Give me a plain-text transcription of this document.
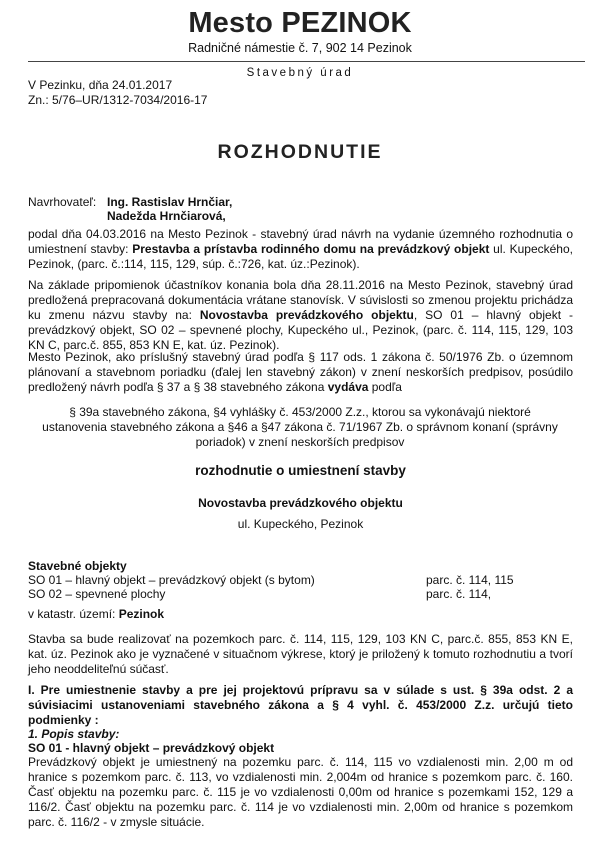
Mesto PEZINOK
Radničné námestie č. 7, 902 14 Pezinok
Stavebný úrad
V Pezinku, dňa 24.01.2017
Zn.: 5/76–UR/1312-7034/2016-17
ROZHODNUTIE
Navrhovateľ: Ing. Rastislav Hrnčiar,
Nadežda Hrnčiarová,
podal dňa 04.03.2016 na Mesto Pezinok - stavebný úrad návrh na vydanie územného rozhodnutia o umiestnení stavby: Prestavba a prístavba rodinného domu na prevádzkový objekt ul. Kupeckého, Pezinok, (parc. č.:114, 115, 129, súp. č.:726, kat. úz.:Pezinok).
Na základe pripomienok účastníkov konania bola dňa 28.11.2016 na Mesto Pezinok, stavebný úrad predložená prepracovaná dokumentácia vrátane stanovísk. V súvislosti so zmenou projektu prichádza ku zmenu názvu stavby na: Novostavba prevádzkového objektu, SO 01 – hlavný objekt - prevádzkový objekt, SO 02 – spevnené plochy, Kupeckého ul., Pezinok, (parc. č. 114, 115, 129, 103 KN C, parc.č. 855, 853 KN E, kat. úz. Pezinok).
Mesto Pezinok, ako príslušný stavebný úrad podľa § 117 ods. 1 zákona č. 50/1976 Zb. o územnom plánovaní a stavebnom poriadku (ďalej len stavebný zákon) v znení neskorších predpisov, posúdilo predložený návrh podľa § 37 a § 38 stavebného zákona vydáva podľa
§ 39a stavebného zákona, §4 vyhlášky č. 453/2000 Z.z., ktorou sa vykonávajú niektoré ustanovenia stavebného zákona a §46 a §47 zákona č. 71/1967 Zb. o správnom konaní (správny poriadok) v znení neskorších predpisov
rozhodnutie o umiestnení stavby
Novostavba prevádzkového objektu
ul. Kupeckého, Pezinok
Stavebné objekty
SO 01 – hlavný objekt – prevádzkový objekt (s bytom)	parc. č. 114, 115
SO 02 – spevnené plochy	parc. č. 114,
v katastr. území: Pezinok
Stavba sa bude realizovať na pozemkoch parc. č. 114, 115, 129, 103 KN C, parc.č. 855, 853 KN E, kat. úz. Pezinok ako je vyznačené v situačnom výkrese, ktorý je priložený k tomuto rozhodnutiu a tvorí jeho neoddeliteľnú súčasť.
I. Pre umiestnenie stavby a pre jej projektovú prípravu sa v súlade s ust. § 39a odst. 2 a súvisiacimi ustanoveniami stavebného zákona a § 4 vyhl. č. 453/2000 Z.z. určujú tieto podmienky :
1. Popis stavby:
SO 01 - hlavný objekt – prevádzkový objekt
Prevádzkový objekt je umiestnený na pozemku parc. č. 114, 115 vo vzdialenosti min. 2,00 m od hranice s pozemkom parc. č. 113, vo vzdialenosti min. 2,004m od hranice s pozemkom parc. č. 160. Časť objektu na pozemku parc. č. 115 je vo vzdialenosti 0,00m od hranice s pozemkami 152, 129 a 116/2. Časť objektu na pozemku parc. č. 114 je vo vzdialenosti min. 2,00m od hranice s pozemkom parc. č. 116/2 - v zmysle situácie.
